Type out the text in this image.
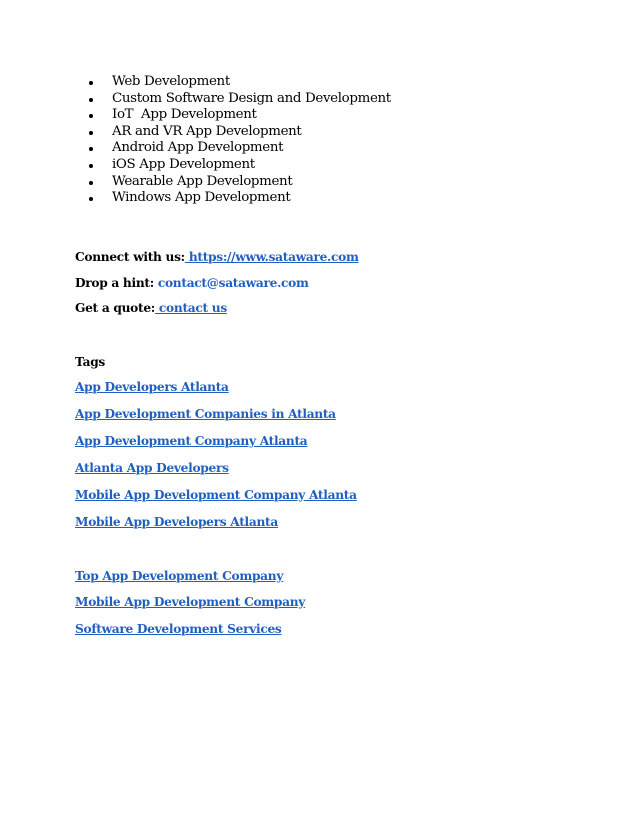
Web Development
Custom Software Design and Development
IoT  App Development
AR and VR App Development
Android App Development
iOS App Development
Wearable App Development
Windows App Development
Connect with us: https://www.sataware.com
Drop a hint: contact@sataware.com
Get a quote: contact us
Tags
App Developers Atlanta
App Development Companies in Atlanta
App Development Company Atlanta
Atlanta App Developers
Mobile App Development Company Atlanta
Mobile App Developers Atlanta
Top App Development Company
Mobile App Development Company
Software Development Services
